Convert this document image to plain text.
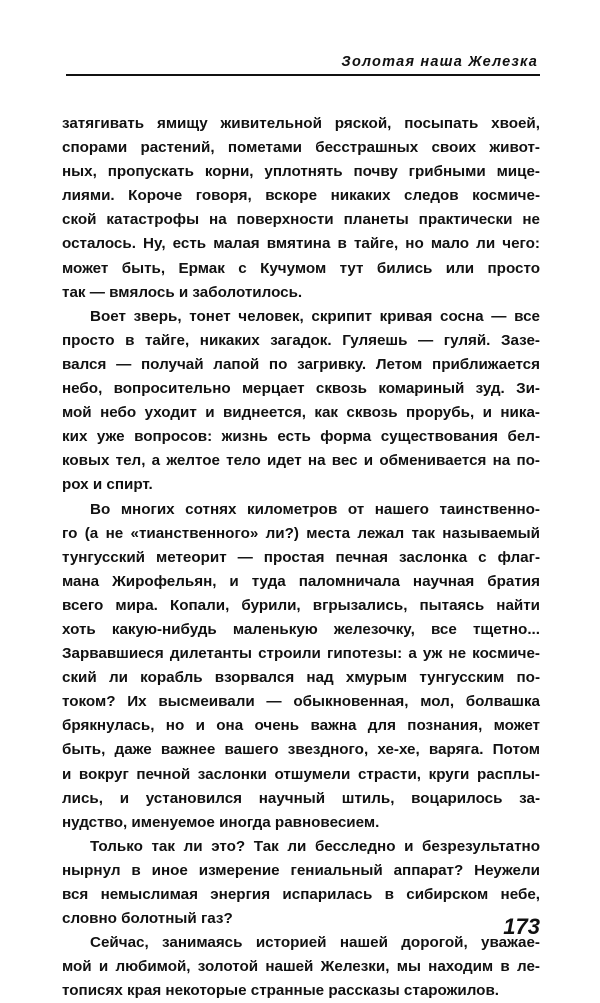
Золотая наша Железка
затягивать ямищу живительной ряской, посыпать хвоей,
спорами растений, пометами бесстрашных своих живот-
ных, пропускать корни, уплотнять почву грибными мице-
лиями. Короче говоря, вскоре никаких следов космиче-
ской катастрофы на поверхности планеты практически не
осталось. Ну, есть малая вмятина в тайге, но мало ли чего:
может быть, Ермак с Кучумом тут бились или просто
так — вмялось и заболотилось.
Воет зверь, тонет человек, скрипит кривая сосна — все
просто в тайге, никаких загадок. Гуляешь — гуляй. Зазе-
вался — получай лапой по загривку. Летом приближается
небо, вопросительно мерцает сквозь комариный зуд. Зи-
мой небо уходит и виднеется, как сквозь прорубь, и ника-
ких уже вопросов: жизнь есть форма существования бел-
ковых тел, а желтое тело идет на вес и обменивается на по-
рох и спирт.
Во многих сотнях километров от нашего таинственно-
го (а не «тианственного» ли?) места лежал так называемый
тунгусский метеорит — простая печная заслонка с флаг-
мана Жирофельян, и туда паломничала научная братия
всего мира. Копали, бурили, вгрызались, пытаясь найти
хоть какую-нибудь маленькую железочку, все тщетно...
Зарвавшиеся дилетанты строили гипотезы: а уж не космиче-
ский ли корабль взорвался над хмурым тунгусским по-
током? Их высмеивали — обыкновенная, мол, болвашка
брякнулась, но и она очень важна для познания, может
быть, даже важнее вашего звездного, хе-хе, варяга. Потом
и вокруг печной заслонки отшумели страсти, круги расплы-
лись, и установился научный штиль, воцарилось за-
нудство, именуемое иногда равновесием.
Только так ли это? Так ли бесследно и безрезультатно
нырнул в иное измерение гениальный аппарат? Неужели
вся немыслимая энергия испарилась в сибирском небе,
словно болотный газ?
Сейчас, занимаясь историей нашей дорогой, уважае-
мой и любимой, золотой нашей Железки, мы находим в ле-
тописях края некоторые странные рассказы старожилов.
173
